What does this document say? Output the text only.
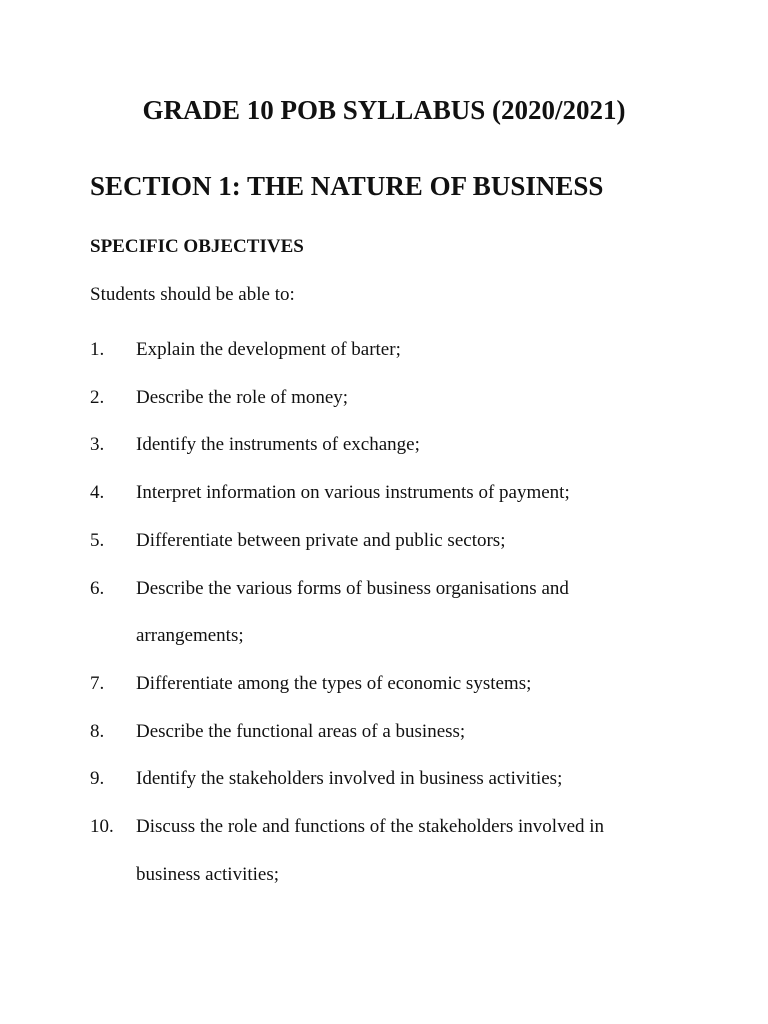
GRADE 10 POB SYLLABUS (2020/2021)
SECTION 1: THE NATURE OF BUSINESS
SPECIFIC OBJECTIVES

Students should be able to:

1.	Explain the development of barter;
2.	Describe the role of money;
3.	Identify the instruments of exchange;
4.	Interpret information on various instruments of payment;
5.	Differentiate between private and public sectors;
6.	Describe the various forms of business organisations and
arrangements;
7.	Differentiate among the types of economic systems;
8.	Describe the functional areas of a business;
9.	Identify the stakeholders involved in business activities;
10.	Discuss the role and functions of the stakeholders involved in
business activities;
